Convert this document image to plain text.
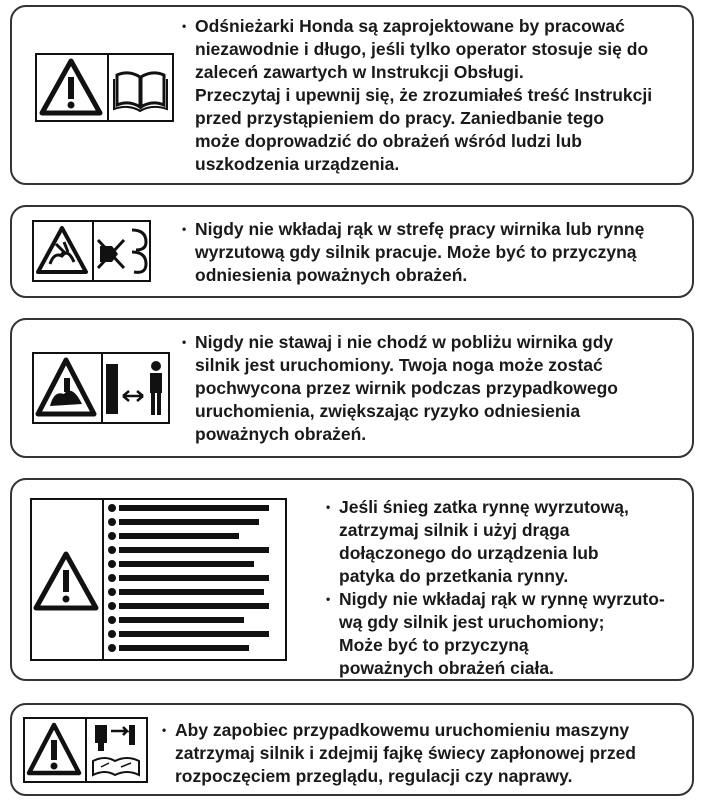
• Odśnieżarki Honda są zaprojektowane by pracować
niezawodnie i długo, jeśli tylko operator stosuje się do
zaleceń zawartych w Instrukcji Obsługi.
Przeczytaj i upewnij się, że zrozumiałeś treść Instrukcji
przed przystąpieniem do pracy. Zaniedbanie tego
może doprowadzić do obrażeń wśród ludzi lub
uszkodzenia urządzenia.
• Nigdy nie wkładaj rąk w strefę pracy wirnika lub rynnę
wyrzutową gdy silnik pracuje. Może być to przyczyną
odniesienia poważnych obrażeń.
• Nigdy nie stawaj i nie chodź w pobliżu wirnika gdy
silnik jest uruchomiony. Twoja noga może zostać
pochwycona przez wirnik podczas przypadkowego
uruchomienia, zwiększając ryzyko odniesienia
poważnych obrażeń.
• Jeśli śnieg zatka rynnę wyrzutową,
zatrzymaj silnik i użyj drąga
dołączonego do urządzenia lub
patyka do przetkania rynny.
• Nigdy nie wkładaj rąk w rynnę wyrzuto-
wą gdy silnik jest uruchomiony;
Może być to przyczyną
poważnych obrażeń ciała.
• Aby zapobiec przypadkowemu uruchomieniu maszyny
zatrzymaj silnik i zdejmij fajkę świecy zapłonowej przed
rozpoczęciem przeglądu, regulacji czy naprawy.
